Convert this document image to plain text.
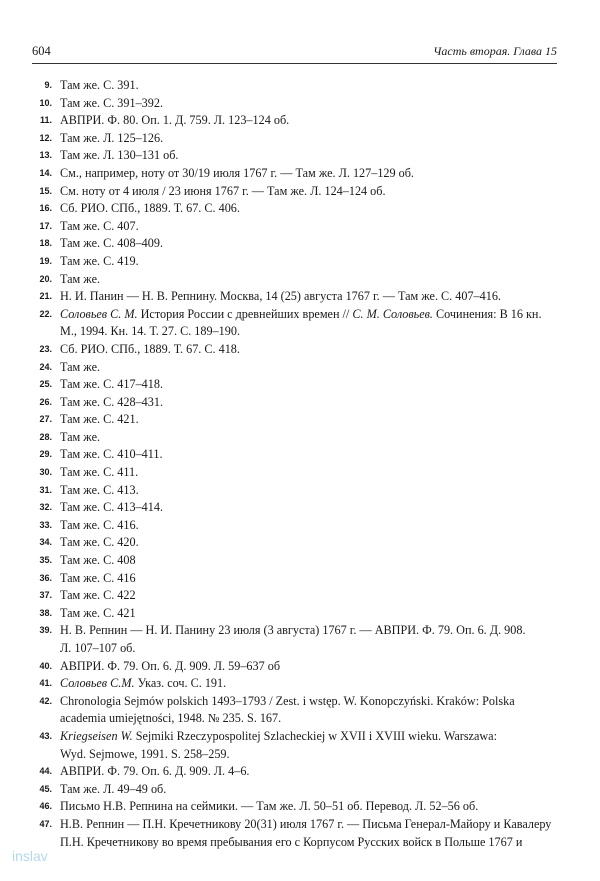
604	Часть вторая. Глава 15
9. Там же. С. 391.
10. Там же. С. 391–392.
11. АВПРИ. Ф. 80. Оп. 1. Д. 759. Л. 123–124 об.
12. Там же. Л. 125–126.
13. Там же. Л. 130–131 об.
14. См., например, ноту от 30/19 июля 1767 г. — Там же. Л. 127–129 об.
15. См. ноту от 4 июля / 23 июня 1767 г. — Там же. Л. 124–124 об.
16. Сб. РИО. СПб., 1889. Т. 67. С. 406.
17. Там же. С. 407.
18. Там же. С. 408–409.
19. Там же. С. 419.
20. Там же.
21. Н. И. Панин — Н. В. Репнину. Москва, 14 (25) августа 1767 г. — Там же. С. 407–416.
22. Соловьев С. М. История России с древнейших времен // С. М. Соловьев. Сочинения: В 16 кн.
М., 1994. Кн. 14. Т. 27. С. 189–190.
23. Сб. РИО. СПб., 1889. Т. 67. С. 418.
24. Там же.
25. Там же. С. 417–418.
26. Там же. С. 428–431.
27. Там же. С. 421.
28. Там же.
29. Там же. С. 410–411.
30. Там же. С. 411.
31. Там же. С. 413.
32. Там же. С. 413–414.
33. Там же. С. 416.
34. Там же. С. 420.
35. Там же. С. 408
36. Там же. С. 416
37. Там же. С. 422
38. Там же. С. 421
39. Н. В. Репнин — Н. И. Панину 23 июля (3 августа) 1767 г. — АВПРИ. Ф. 79. Оп. 6. Д. 908.
Л. 107–107 об.
40. АВПРИ. Ф. 79. Оп. 6. Д. 909. Л. 59–637 об
41. Соловьев С.М. Указ. соч. С. 191.
42. Chronologia Sejmów polskich 1493–1793 / Zest. i wstęp. W. Konopczyński. Kraków: Polska
academia umiejętności, 1948. № 235. S. 167.
43. Kriegseisen W. Sejmiki Rzeczypospolitej Szlacheckiej w XVII i XVIII wieku. Warszawa:
Wyd. Sejmowe, 1991. S. 258–259.
44. АВПРИ. Ф. 79. Оп. 6. Д. 909. Л. 4–6.
45. Там же. Л. 49–49 об.
46. Письмо Н.В. Репнина на сеймики. — Там же. Л. 50–51 об. Перевод. Л. 52–56 об.
47. Н.В. Репнин — П.Н. Кречетникову 20(31) июля 1767 г. — Письма Генерал-Майору и Кавалеру
П.Н. Кречетникову во время пребывания его с Корпусом Русских войск в Польше 1767 и
inslav
